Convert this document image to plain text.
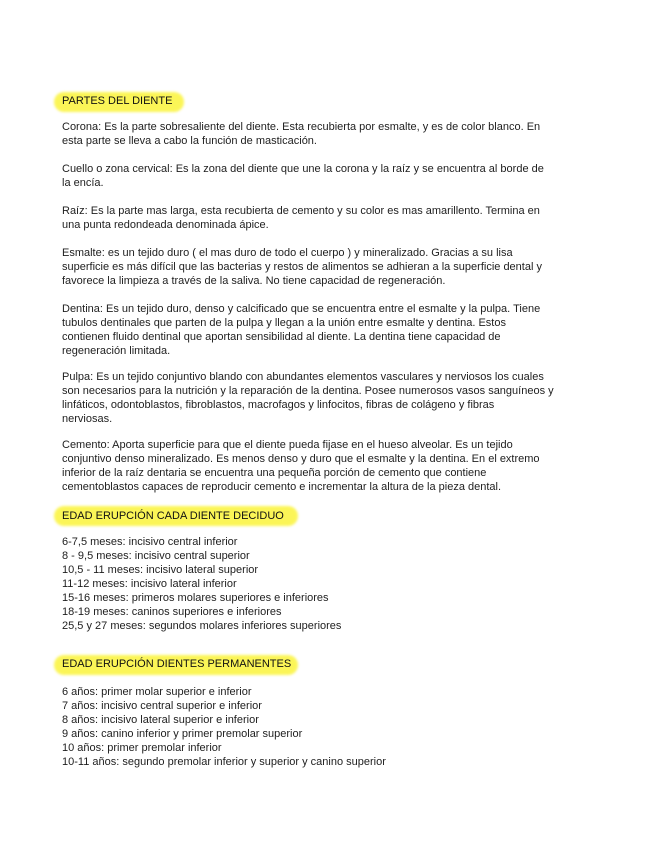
PARTES DEL DIENTE
Corona: Es la parte sobresaliente del diente. Esta recubierta por esmalte, y es de color blanco. En
esta parte se lleva a cabo la función de masticación.
Cuello o zona cervical: Es la zona del diente que une la corona y la raíz y se encuentra al borde de
la encía.
Raíz: Es la parte mas larga, esta recubierta de cemento y su color es mas amarillento. Termina en
una punta redondeada denominada ápice.
Esmalte: es un tejido duro ( el mas duro de todo el cuerpo ) y mineralizado. Gracias a su lisa
superficie es más difícil que las bacterias y restos de alimentos se adhieran a la superficie dental y
favorece la limpieza a través de la saliva. No tiene capacidad de regeneración.
Dentina: Es un tejido duro, denso y calcificado que se encuentra entre el esmalte y la pulpa. Tiene
tubulos dentinales que parten de la pulpa y llegan a la unión entre esmalte y dentina. Estos
contienen fluido dentinal que aportan sensibilidad al diente. La dentina tiene capacidad de
regeneración limitada.
Pulpa: Es un tejido conjuntivo blando con abundantes elementos vasculares y nerviosos los cuales
son necesarios para la nutrición y la reparación de la dentina. Posee numerosos vasos sanguíneos y
linfáticos, odontoblastos, fibroblastos, macrofagos y linfocitos, fibras de colágeno y fibras
nerviosas.
Cemento: Aporta superficie para que el diente pueda fijase en el hueso alveolar. Es un tejido
conjuntivo denso mineralizado. Es menos denso y duro que el esmalte y la dentina. En el extremo
inferior de la raíz dentaria se encuentra una pequeña porción de cemento que contiene
cementoblastos capaces de reproducir cemento e incrementar la altura de la pieza dental.
EDAD ERUPCIÓN CADA DIENTE DECIDUO
6-7,5 meses: incisivo central inferior
8 - 9,5 meses: incisivo central superior
10,5 - 11 meses: incisivo lateral superior
11-12 meses: incisivo lateral inferior
15-16 meses: primeros molares superiores e inferiores
18-19 meses: caninos superiores e inferiores
25,5 y 27 meses: segundos molares inferiores superiores
EDAD ERUPCIÓN DIENTES PERMANENTES
6 años: primer molar superior e inferior
7 años: incisivo central superior e inferior
8 años: incisivo lateral superior e inferior
9 años: canino inferior y primer premolar superior
10 años: primer premolar inferior
10-11 años: segundo premolar inferior y superior y canino superior
